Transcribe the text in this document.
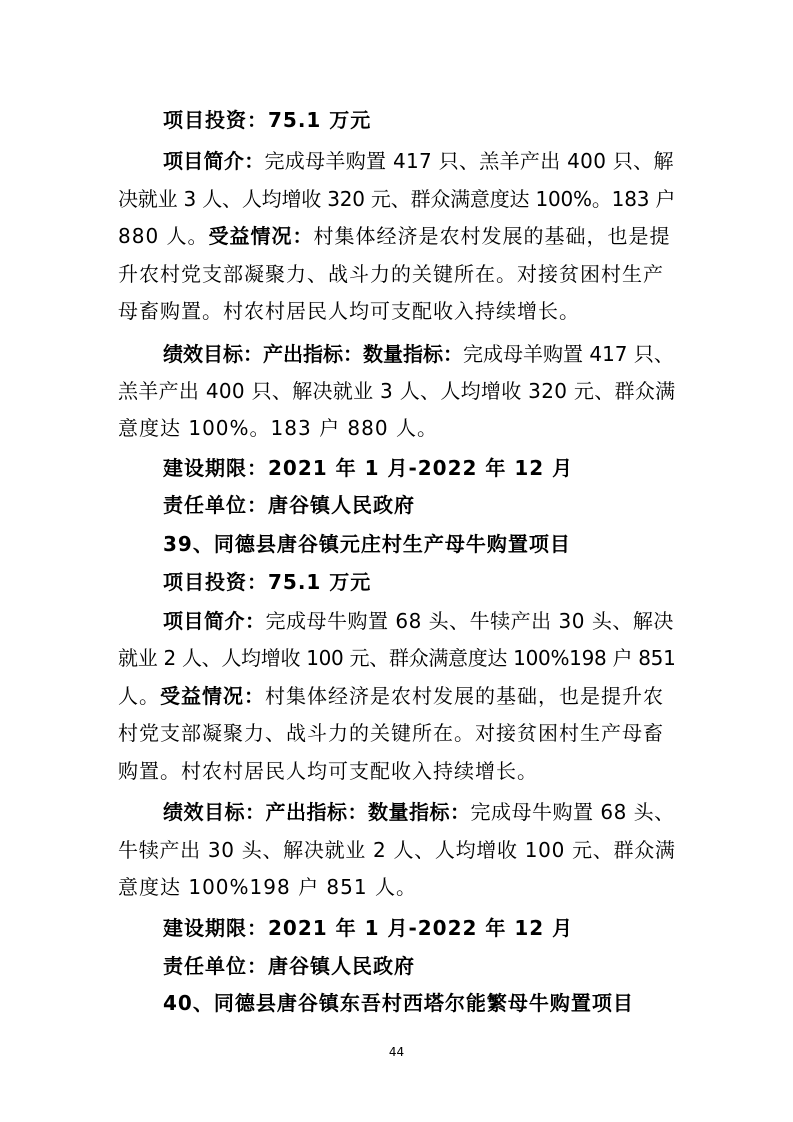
项目投资：75.1 万元
项目简介：完成母羊购置 417 只、羔羊产出 400 只、解
决就业 3 人、人均增收 320 元、群众满意度达 100%。183 户
880 人。受益情况：村集体经济是农村发展的基础，也是提
升农村党支部凝聚力、战斗力的关键所在。对接贫困村生产
母畜购置。村农村居民人均可支配收入持续增长。
绩效目标：产出指标：数量指标：完成母羊购置 417 只、
羔羊产出 400 只、解决就业 3 人、人均增收 320 元、群众满
意度达 100%。183 户 880 人。
建设期限：2021 年 1 月-2022 年 12 月
责任单位：唐谷镇人民政府
39、同德县唐谷镇元庄村生产母牛购置项目
项目投资：75.1 万元
项目简介：完成母牛购置 68 头、牛犊产出 30 头、解决
就业 2 人、人均增收 100 元、群众满意度达 100%198 户 851
人。受益情况：村集体经济是农村发展的基础，也是提升农
村党支部凝聚力、战斗力的关键所在。对接贫困村生产母畜
购置。村农村居民人均可支配收入持续增长。
绩效目标：产出指标：数量指标：完成母牛购置 68 头、
牛犊产出 30 头、解决就业 2 人、人均增收 100 元、群众满
意度达 100%198 户 851 人。
建设期限：2021 年 1 月-2022 年 12 月
责任单位：唐谷镇人民政府
40、同德县唐谷镇东吾村西塔尔能繁母牛购置项目
44
